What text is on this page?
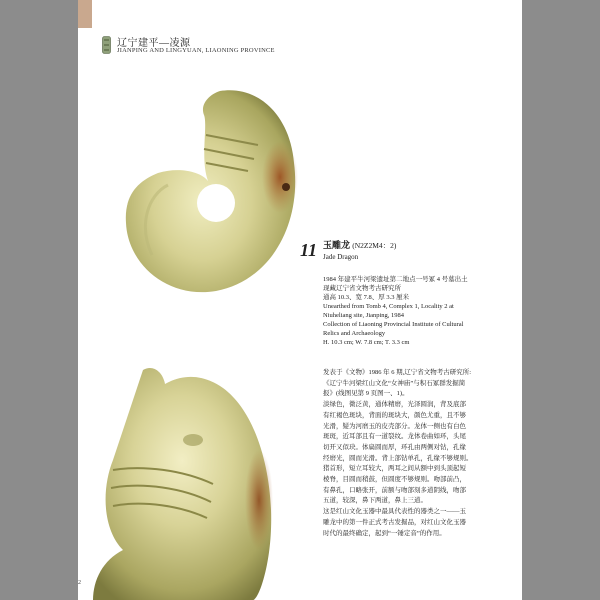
辽宁建平—凌源
JIANPING AND LINGYUAN, LIAONING PROVINCE
11 玉雕龙 (N2Z2M4：2)
Jade Dragon

1984 年建平牛河梁遗址第二地点一号冢 4 号墓出土

现藏辽宁省文物考古研究所

通高 10.3、宽 7.8、厚 3.3 厘米

Unearthed from Tomb 4, Complex 1, Locality 2 at

Niuheliang site, Jianping, 1984

Collection of Liaoning Provincial Institute of Cultural

Relics and Archaeology

H. 10.3 cm; W. 7.8 cm; T. 3.3 cm

发表于《文物》1986 年 6 期,辽宁省文物考古研究所:

《辽宁牛河梁红山文化“女神庙”与积石冢群发掘简

报》(线图见第 9 页图一、1)。

淡绿色，微泛黄，通体精磨，光泽圆润，背及底部

有红褐色斑块，背面的斑块大，颜色尤重，且不够

光滑，疑为河磨玉的皮壳部分。龙体一侧也有白色

斑斑，近耳部且有一道裂纹。龙体卷曲如环，头尾

切开又似玦。体扁圆而厚，环孔由两侧对钻，孔缘

经磨光，圆而光滑。背上部钻单孔，孔缘不够规则。

猪首形，短立耳较大，两耳之间从额中到头顶起短

棱脊，目圆而稍鼓，但圆度不够规则。吻部前凸，

有鼻孔，口略张开，前额与吻部刻多道阴线，吻部

五道，较深，鼻下两道，鼻上三道。

这是红山文化玉器中最具代表性的器类之一——玉

雕龙中的第一件正式考古发掘品，对红山文化玉器

时代的最终确定，起到“一锤定音”的作用。

2
